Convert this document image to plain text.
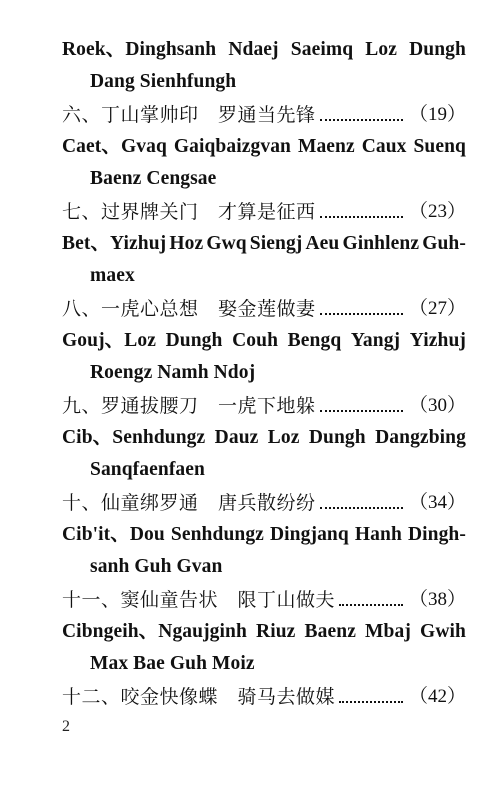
Roek、Dinghsanh Ndaej Saeimq Loz Dungh
Dang Sienhfungh
六、丁山掌帅印　罗通当先锋	（19）
Caet、Gvaq Gaiqbaizgvan Maenz Caux Suenq
Baenz Cengsae
七、过界牌关门　才算是征西	（23）
Bet、Yizhuj Hoz Gwq Siengj Aeu Ginhlenz Guh-
maex
八、一虎心总想　娶金莲做妻	（27）
Gouj、Loz Dungh Couh Bengq Yangj Yizhuj
Roengz Namh Ndoj
九、罗通拔腰刀　一虎下地躲	（30）
Cib、Senhdungz Dauz Loz Dungh Dangzbing
Sanqfaenfaen
十、仙童绑罗通　唐兵散纷纷	（34）
Cib'it、Dou Senhdungz Dingjanq Hanh Dingh-
sanh Guh Gvan
十一、窦仙童告状　限丁山做夫	（38）
Cibngeih、Ngaujginh Riuz Baenz Mbaj Gwih
Max Bae Guh Moiz
十二、咬金快像蝶　骑马去做媒	（42）
2
